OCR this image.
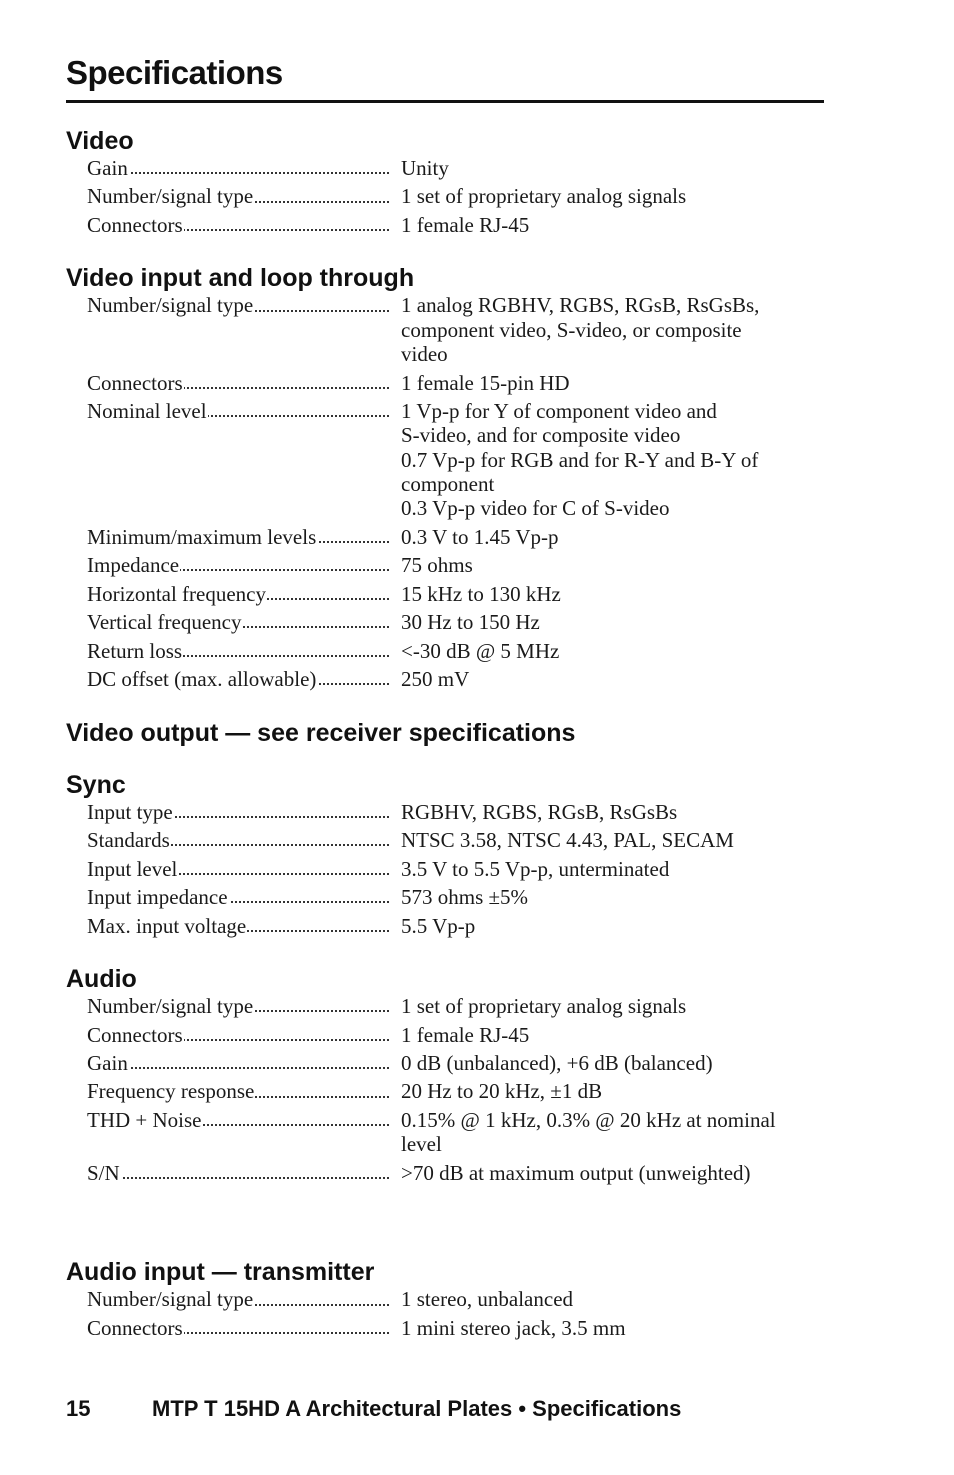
Specifications
Video
Gain	Unity
Number/signal type	1 set of proprietary analog signals
Connectors	1 female RJ-45
Video input and loop through
Number/signal type	1 analog RGBHV, RGBS, RGsB, RsGsBs,
component video, S-video, or composite
video
Connectors	1 female 15-pin HD
Nominal level	1 Vp-p for Y of component video and
S-video, and for composite video
0.7 Vp-p for RGB and for R-Y and B-Y of
component
0.3 Vp-p video for C of S-video
Minimum/maximum levels	0.3 V to 1.45 Vp-p
Impedance	75 ohms
Horizontal frequency	15 kHz to 130 kHz
Vertical frequency	30 Hz to 150 Hz
Return loss	<-30 dB @ 5 MHz
DC offset (max. allowable)	250 mV
Video output — see receiver specifications
Sync
Input type	RGBHV, RGBS, RGsB, RsGsBs
Standards	NTSC 3.58, NTSC 4.43, PAL, SECAM
Input level	3.5 V to 5.5 Vp-p, unterminated
Input impedance	573 ohms ±5%
Max. input voltage	5.5 Vp-p
Audio
Number/signal type	1 set of proprietary analog signals
Connectors	1 female RJ-45
Gain	0 dB (unbalanced), +6 dB (balanced)
Frequency response	20 Hz to 20 kHz, ±1 dB
THD + Noise	0.15% @ 1 kHz, 0.3% @ 20 kHz at nominal
level
S/N	>70 dB at maximum output (unweighted)
Audio input — transmitter
Number/signal type	1 stereo, unbalanced
Connectors	1 mini stereo jack, 3.5 mm
15	MTP T 15HD A Architectural Plates • Specifications
